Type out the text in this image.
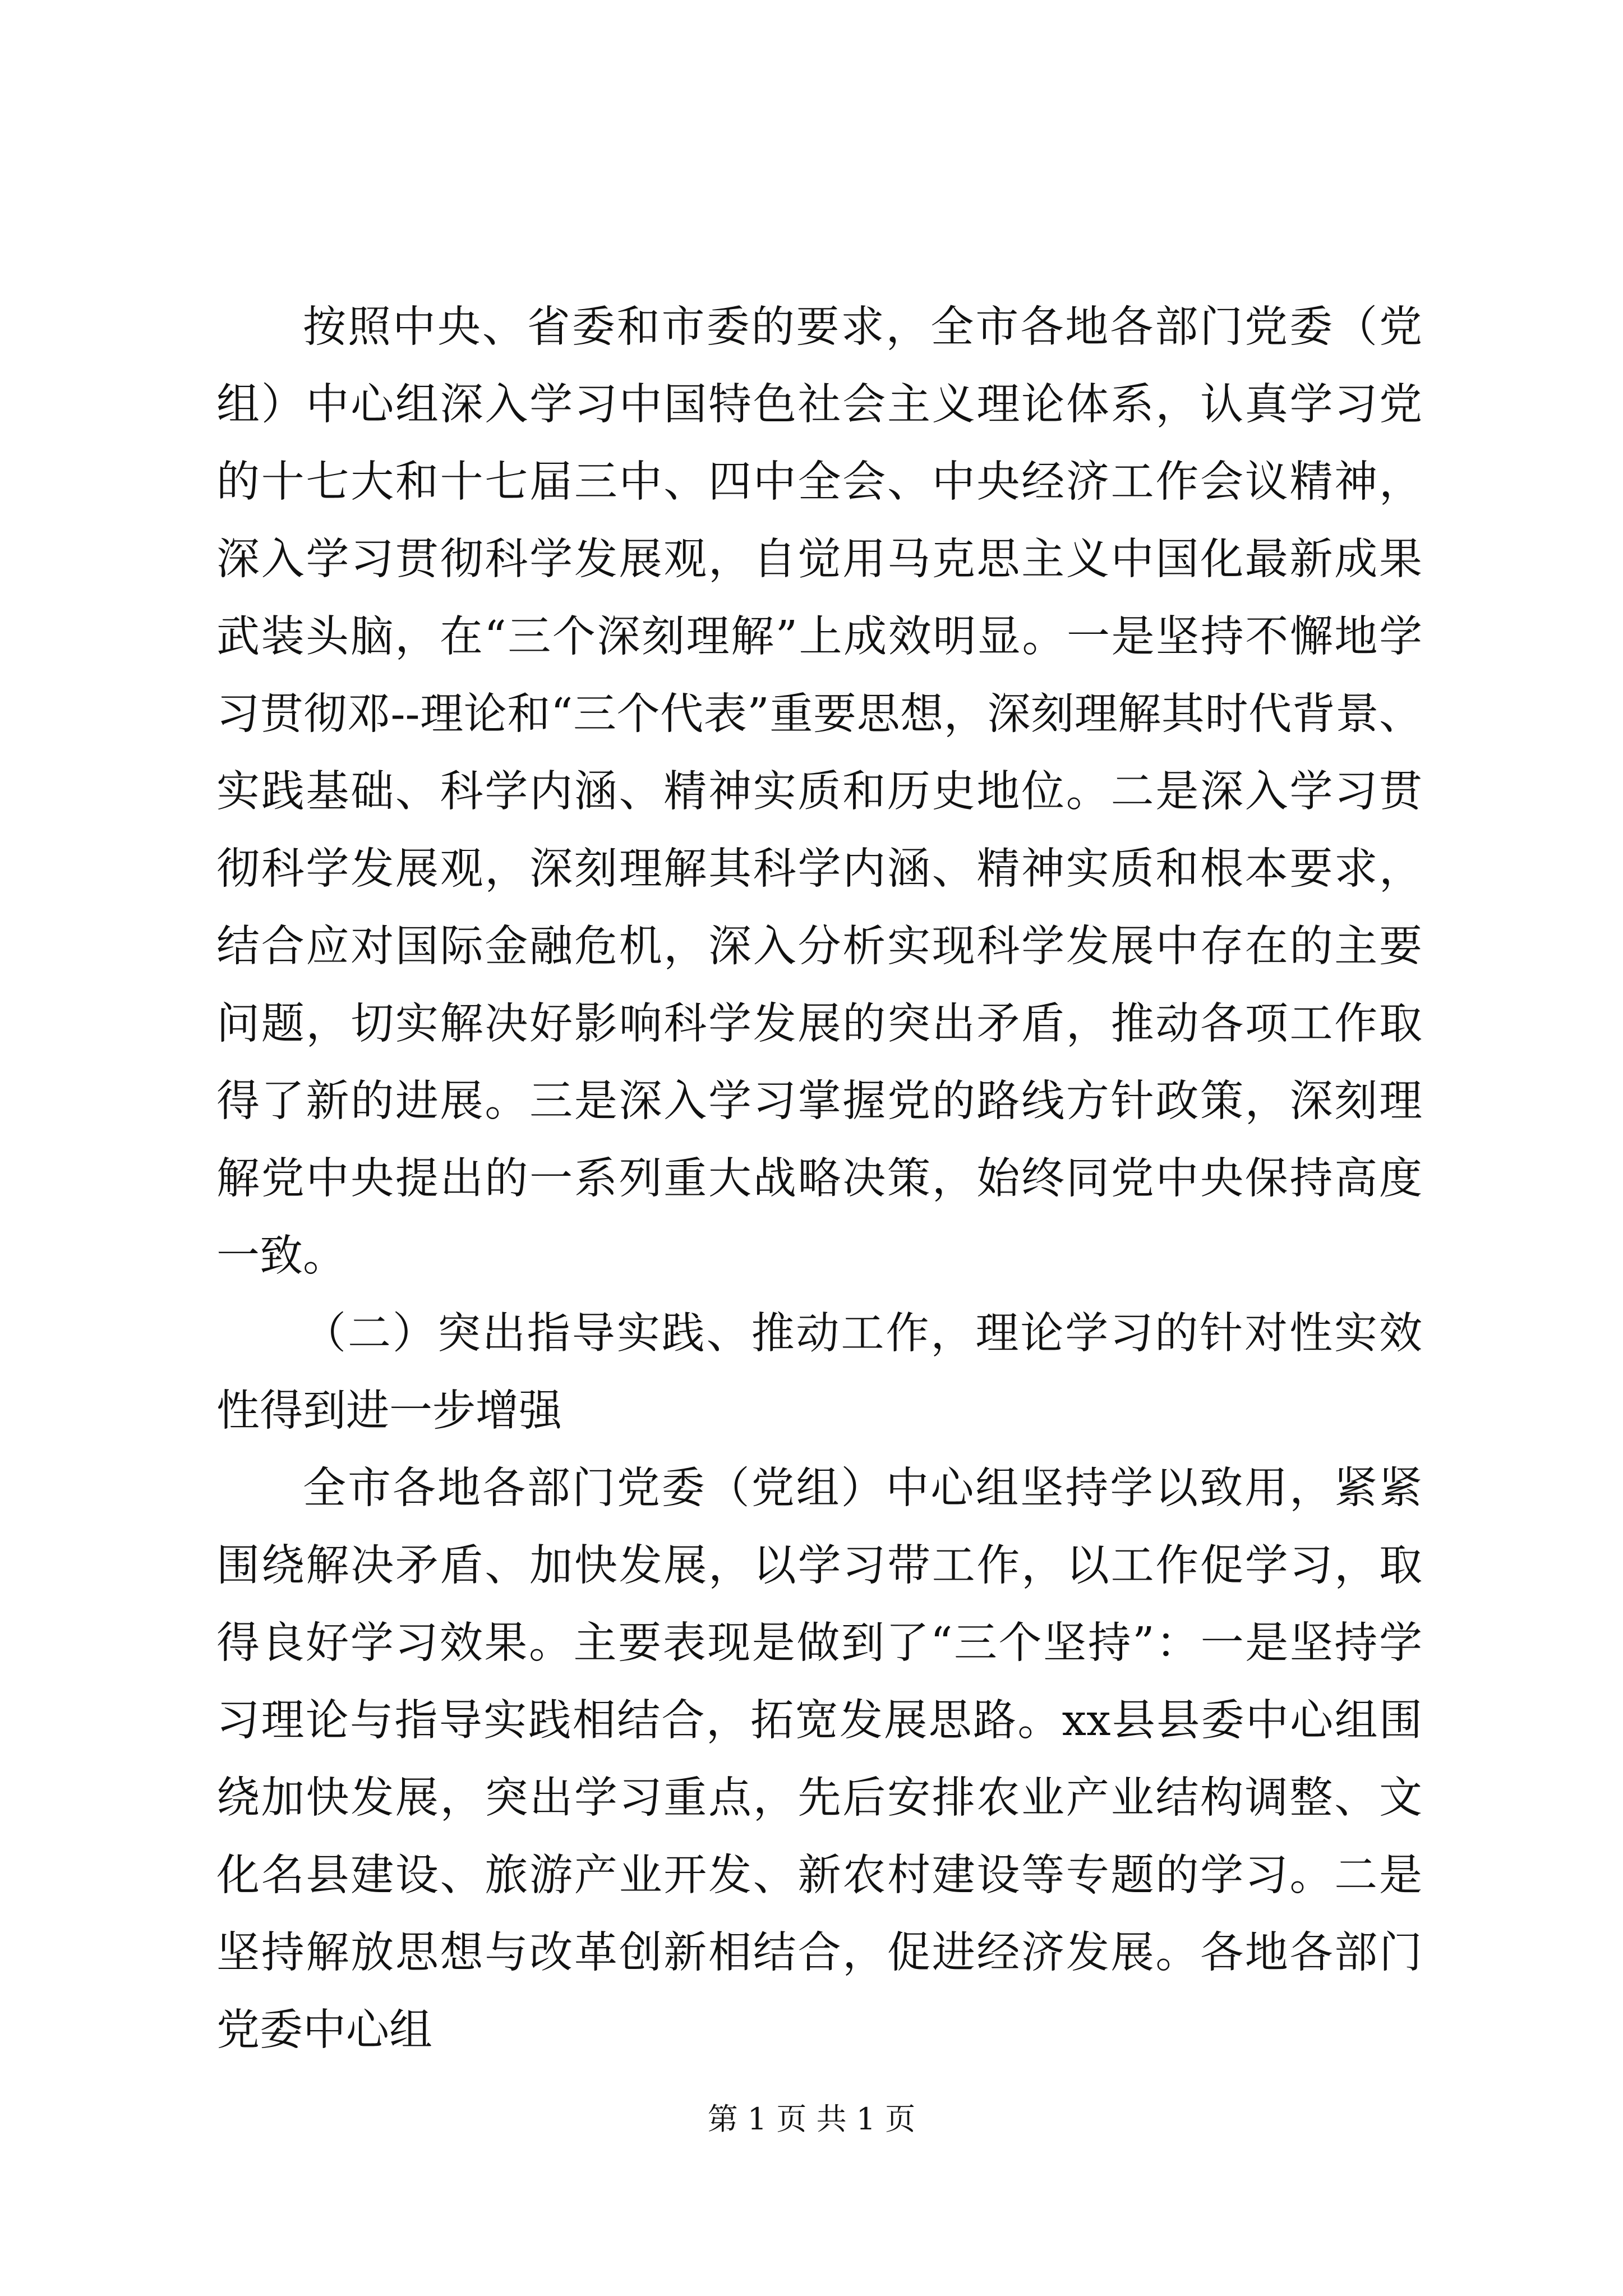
按照中央、省委和市委的要求，全市各地各部门党委（党组）中心组深入学习中国特色社会主义理论体系，认真学习党的十七大和十七届三中、四中全会、中央经济工作会议精神，深入学习贯彻科学发展观，自觉用马克思主义中国化最新成果武装头脑，在“三个深刻理解”上成效明显。一是坚持不懈地学习贯彻邓--理论和“三个代表”重要思想，深刻理解其时代背景、实践基础、科学内涵、精神实质和历史地位。二是深入学习贯彻科学发展观，深刻理解其科学内涵、精神实质和根本要求，结合应对国际金融危机，深入分析实现科学发展中存在的主要问题，切实解决好影响科学发展的突出矛盾，推动各项工作取得了新的进展。三是深入学习掌握党的路线方针政策，深刻理解党中央提出的一系列重大战略决策，始终同党中央保持高度一致。

（二）突出指导实践、推动工作，理论学习的针对性实效性得到进一步增强

全市各地各部门党委（党组）中心组坚持学以致用，紧紧围绕解决矛盾、加快发展，以学习带工作，以工作促学习，取得良好学习效果。主要表现是做到了“三个坚持”：一是坚持学习理论与指导实践相结合，拓宽发展思路。xx县县委中心组围绕加快发展，突出学习重点，先后安排农业产业结构调整、文化名县建设、旅游产业开发、新农村建设等专题的学习。二是坚持解放思想与改革创新相结合，促进经济发展。各地各部门党委中心组

第 1 页 共 1 页
